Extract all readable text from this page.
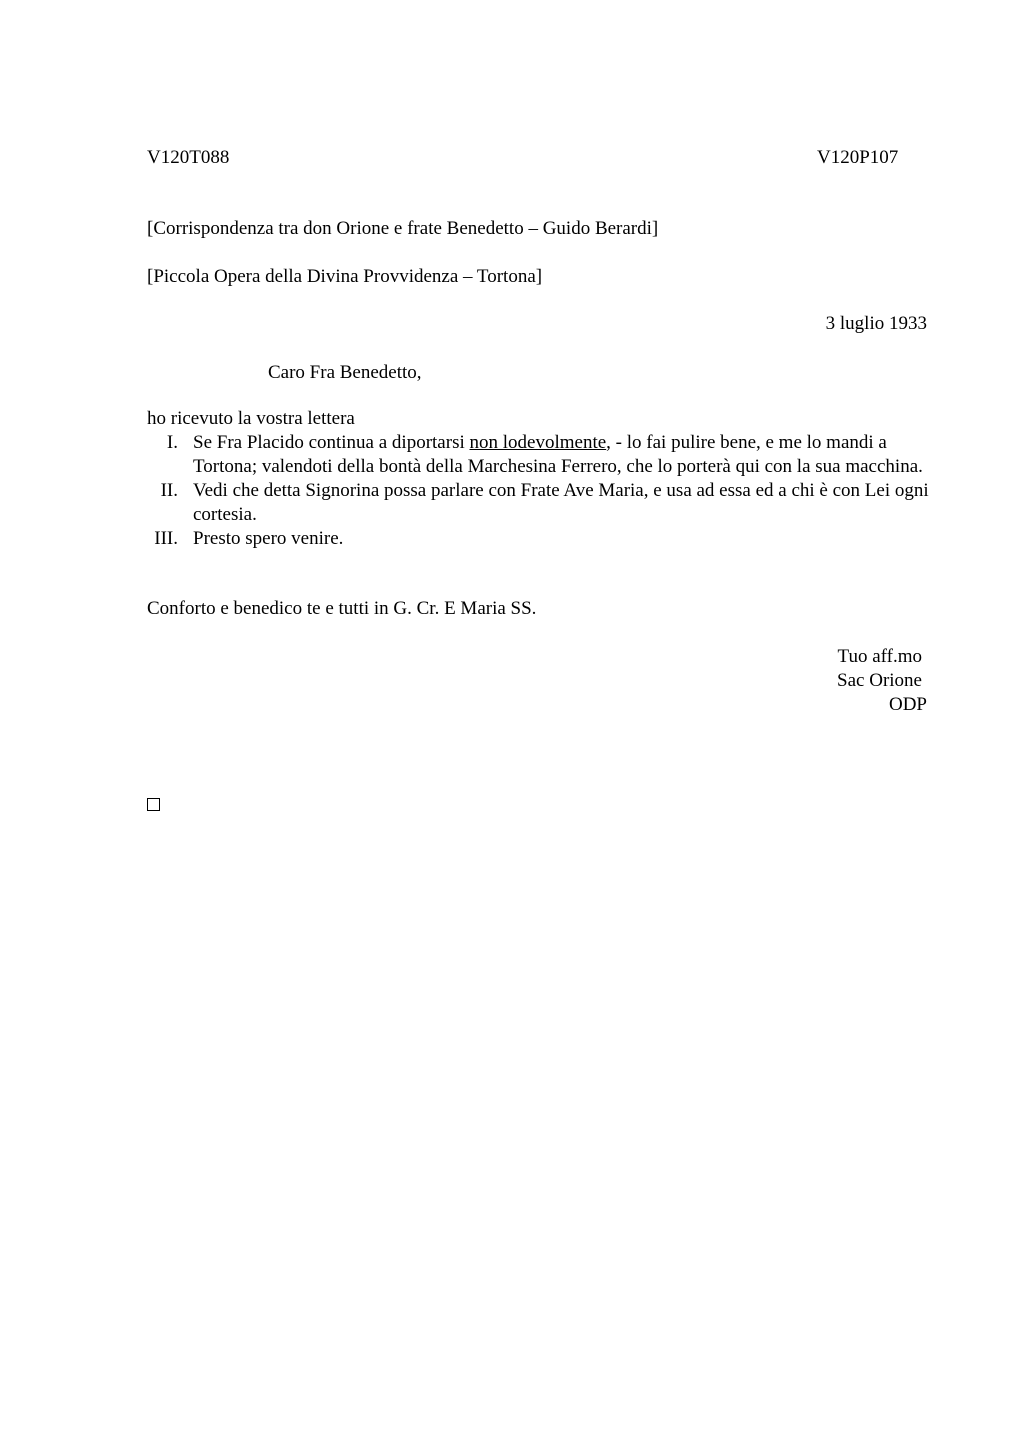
V120T088	V120P107
[Corrispondenza tra don Orione e frate Benedetto – Guido Berardi]
[Piccola Opera della Divina Provvidenza – Tortona]
3 luglio 1933
Caro Fra Benedetto,
ho ricevuto la vostra lettera
I. Se Fra Placido continua a diportarsi non lodevolmente, - lo fai pulire bene, e me lo mandi a Tortona; valendoti della bontà della Marchesina Ferrero, che lo porterà qui con la sua macchina.
II. Vedi che detta Signorina possa parlare con Frate Ave Maria, e usa ad essa ed a chi è con Lei ogni cortesia.
III. Presto spero venire.
Conforto e benedico te e tutti in G. Cr. E Maria SS.
Tuo aff.mo
Sac Orione
ODP
